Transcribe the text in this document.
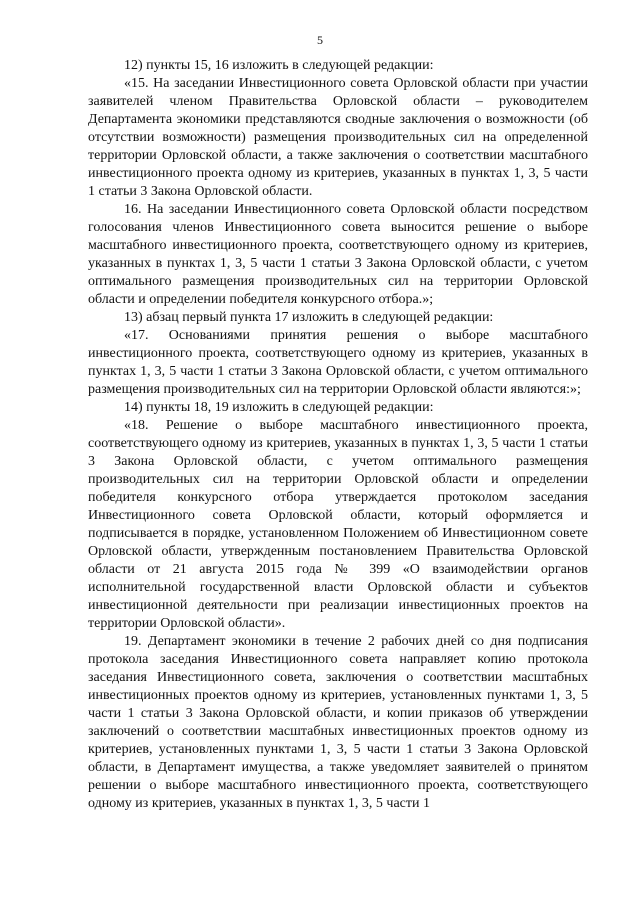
5

12) пункты 15, 16 изложить в следующей редакции:

«15. На заседании Инвестиционного совета Орловской области при участии заявителей членом Правительства Орловской области – руководителем Департамента экономики представляются сводные заключения о возможности (об отсутствии возможности) размещения производительных сил на определенной территории Орловской области, а также заключения о соответствии масштабного инвестиционного проекта одному из критериев, указанных в пунктах 1, 3, 5 части 1 статьи 3 Закона Орловской области.

16. На заседании Инвестиционного совета Орловской области посредством голосования членов Инвестиционного совета выносится решение о выборе масштабного инвестиционного проекта, соответствующего одному из критериев, указанных в пунктах 1, 3, 5 части 1 статьи 3 Закона Орловской области, с учетом оптимального размещения производительных сил на территории Орловской области и определении победителя конкурсного отбора.»;

13) абзац первый пункта 17 изложить в следующей редакции:

«17. Основаниями принятия решения о выборе масштабного инвестиционного проекта, соответствующего одному из критериев, указанных в пунктах 1, 3, 5 части 1 статьи 3 Закона Орловской области, с учетом оптимального размещения производительных сил на территории Орловской области являются:»;

14) пункты 18, 19 изложить в следующей редакции:

«18. Решение о выборе масштабного инвестиционного проекта, соответствующего одному из критериев, указанных в пунктах 1, 3, 5 части 1 статьи 3 Закона Орловской области, с учетом оптимального размещения производительных сил на территории Орловской области и определении победителя конкурсного отбора утверждается протоколом заседания Инвестиционного совета Орловской области, который оформляется и подписывается в порядке, установленном Положением об Инвестиционном совете Орловской области, утвержденным постановлением Правительства Орловской области от 21 августа 2015 года № 399 «О взаимодействии органов исполнительной государственной власти Орловской области и субъектов инвестиционной деятельности при реализации инвестиционных проектов на территории Орловской области».

19. Департамент экономики в течение 2 рабочих дней со дня подписания протокола заседания Инвестиционного совета направляет копию протокола заседания Инвестиционного совета, заключения о соответствии масштабных инвестиционных проектов одному из критериев, установленных пунктами 1, 3, 5 части 1 статьи 3 Закона Орловской области, и копии приказов об утверждении заключений о соответствии масштабных инвестиционных проектов одному из критериев, установленных пунктами 1, 3, 5 части 1 статьи 3 Закона Орловской области, в Департамент имущества, а также уведомляет заявителей о принятом решении о выборе масштабного инвестиционного проекта, соответствующего одному из критериев, указанных в пунктах 1, 3, 5 части 1
